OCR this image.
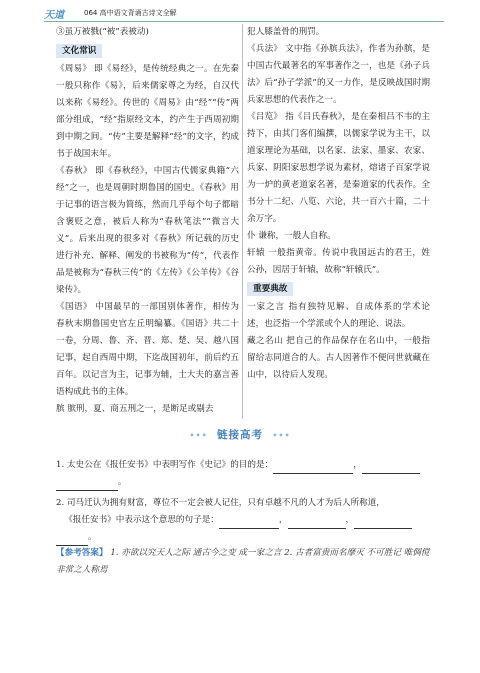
天道	064 高中语文背诵古诗文全解

③虽万被戮(“被”表被动)

文化常识

《周易》 即《易经》，是传统经典之一。在先秦一般只称作《易》，后来儒家尊之为经，自汉代以来称《易经》。传世的《周易》由“经”“传”两部分组成，“经”指原经文本，约产生于西周初期到中期之间。“传”主要是解释“经”的文字，约成书于战国末年。

《春秋》 即《春秋经》，中国古代儒家典籍“六经”之一，也是周朝时期鲁国的国史。《春秋》用于记事的语言极为简练，然而几乎每个句子都暗含褒贬之意，被后人称为“春秋笔法”“微言大义”。后来出现的很多对《春秋》所记载的历史进行补充、解释、阐发的书被称为“传”，代表作品是被称为“春秋三传”的《左传》《公羊传》《谷梁传》。

《国语》 中国最早的一部国别体著作，相传为春秋末期鲁国史官左丘明编纂。《国语》共二十一卷，分周、鲁、齐、晋、郑、楚、吴、越八国记事，起自西周中期，下迄战国初年，前后约五百年。以记言为主，记事为辅，士大夫的嘉言善语构成此书的主体。

膑 膑刑，夏、商五刑之一，是断足或剔去

犯人膝盖骨的刑罚。

《兵法》 文中指《孙膑兵法》，作者为孙膑，是中国古代最著名的军事著作之一，也是《孙子兵法》后“孙子学派”的又一力作，是反映战国时期兵家思想的代表作之一。

《吕览》 指《吕氏春秋》，是在秦相吕不韦的主持下，由其门客们编撰，以儒家学说为主干，以道家理论为基础，以名家、法家、墨家、农家、兵家、阴阳家思想学说为素材，熔诸子百家学说为一炉的黄老道家名著，是秦道家的代表作。全书分十二纪、八览、六论，共一百六十篇，二十余万字。

仆 谦称，一般人自称。

轩辕 一般指黄帝。传说中我国远古的君王，姓公孙，因居于轩辕，故称“轩辕氏”。

重要典故

一家之言 指有独特见解、自成体系的学术论述，也泛指一个学派或个人的理论、说法。

藏之名山 把自己的作品保存在名山中，一般指留给志同道合的人。古人因著作不便问世就藏在山中，以待后人发现。

••• 链接高考 •••
1. 太史公在《报任安书》中表明写作《史记》的目的是：	，
。
2. 司马迁认为拥有财富，尊位不一定会被人记住，只有卓越不凡的人才为后人所称道，
《报任安书》中表示这个意思的句子是：	，	，
。
【参考答案】 1. 亦欲以究天人之际 通古今之变 成一家之言 2. 古者富贵而名摩灭 不可胜记 唯倜傥非常之人称焉
